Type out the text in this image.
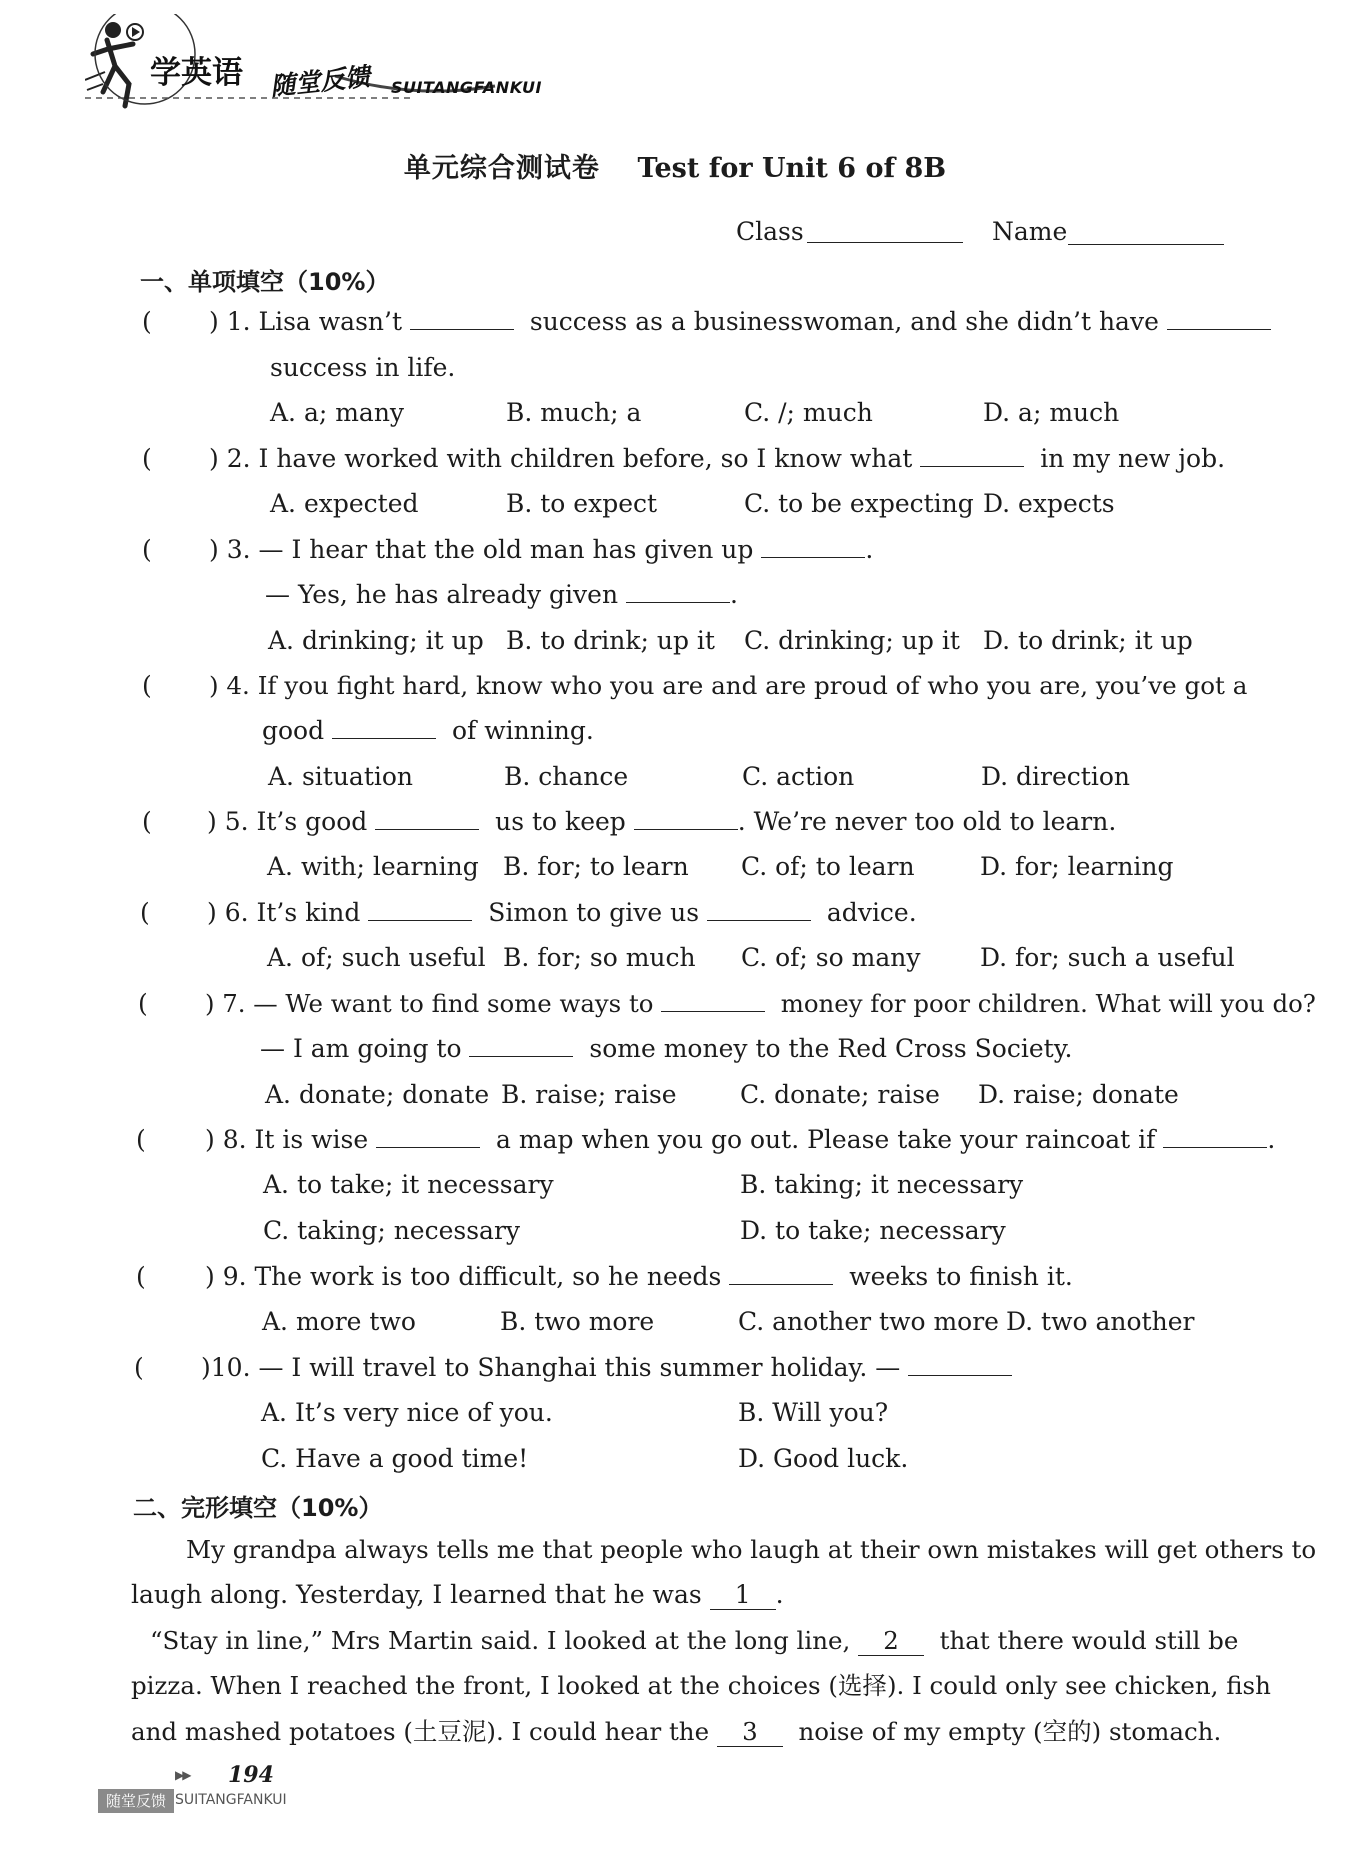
学英语 随堂反馈 SUITANGFANKUI
单元综合测试卷 Test for Unit 6 of 8B
Class	Name
一、单项填空（10%）
( ) 1. Lisa wasn’t	success as a businesswoman, and she didn’t have
success in life.
A. a; many	B. much; a	C. /; much	D. a; much
( ) 2. I have worked with children before, so I know what	in my new job.
A. expected	B. to expect	C. to be expecting D. expects
( ) 3. — I hear that the old man has given up	.
— Yes, he has already given	.
A. drinking; it up B. to drink; up it C. drinking; up it D. to drink; it up
( ) 4. If you fight hard, know who you are and are proud of who you are, you’ve got a
good	of winning.
A. situation	B. chance	C. action	D. direction
( ) 5. It’s good	us to keep	. We’re never too old to learn.
A. with; learning B. for; to learn C. of; to learn	D. for; learning
( ) 6. It’s kind	Simon to give us	advice.
A. of; such useful B. for; so much C. of; so many D. for; such a useful
( ) 7. — We want to find some ways to	money for poor children. What will you do?
— I am going to	some money to the Red Cross Society.
A. donate; donate B. raise; raise	C. donate; raise D. raise; donate
( ) 8. It is wise	a map when you go out. Please take your raincoat if	.
A. to take; it necessary	B. taking; it necessary
C. taking; necessary	D. to take; necessary
( ) 9. The work is too difficult, so he needs	weeks to finish it.
A. more two	B. two more	C. another two more D. two another
( )10. — I will travel to Shanghai this summer holiday. —
A. It’s very nice of you.	B. Will you?
C. Have a good time!	D. Good luck.
二、完形填空（10%）
My grandpa always tells me that people who laugh at their own mistakes will get others to
laugh along. Yesterday, I learned that he was 1 .
“Stay in line,” Mrs Martin said. I looked at the long line, 2 that there would still be
pizza. When I reached the front, I looked at the choices (选择). I could only see chicken, fish
and mashed potatoes (土豆泥). I could hear the 3 noise of my empty (空的) stomach.
▶▶ 194
随堂反馈 SUITANGFANKUI
